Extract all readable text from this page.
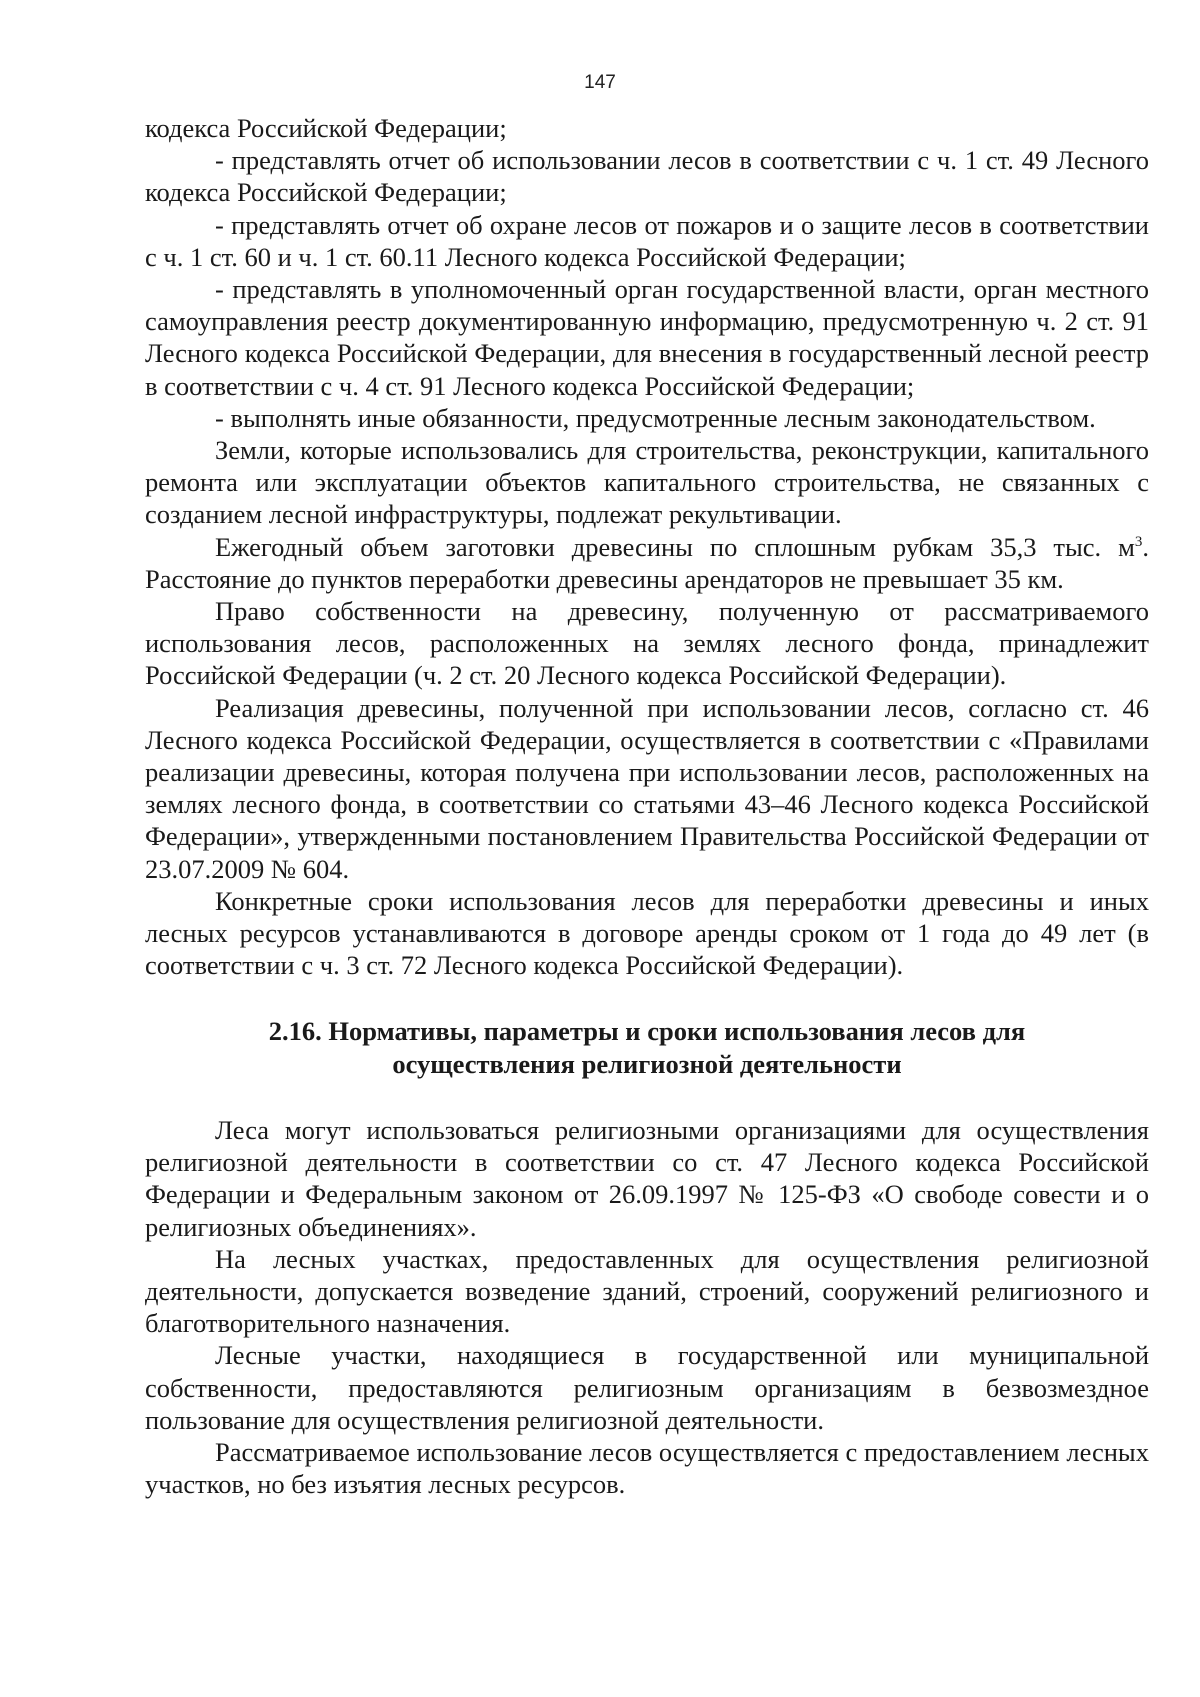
147

кодекса Российской Федерации;

- представлять отчет об использовании лесов в соответствии с ч. 1 ст. 49 Лесного кодекса Российской Федерации;

- представлять отчет об охране лесов от пожаров и о защите лесов в соответствии с ч. 1 ст. 60 и ч. 1 ст. 60.11 Лесного кодекса Российской Федерации;

- представлять в уполномоченный орган государственной власти, орган местного самоуправления реестр документированную информацию, предусмотренную ч. 2 ст. 91 Лесного кодекса Российской Федерации, для внесения в государственный лесной реестр в соответствии с ч. 4 ст. 91 Лесного кодекса Российской Федерации;

- выполнять иные обязанности, предусмотренные лесным законодательством.

Земли, которые использовались для строительства, реконструкции, капитального ремонта или эксплуатации объектов капитального строительства, не связанных с созданием лесной инфраструктуры, подлежат рекультивации.

Ежегодный объем заготовки древесины по сплошным рубкам 35,3 тыс. $м^3$. Расстояние до пунктов переработки древесины арендаторов не превышает 35 км.

Право собственности на древесину, полученную от рассматриваемого использования лесов, расположенных на землях лесного фонда, принадлежит Российской Федерации (ч. 2 ст. 20 Лесного кодекса Российской Федерации).

Реализация древесины, полученной при использовании лесов, согласно ст. 46 Лесного кодекса Российской Федерации, осуществляется в соответствии с «Правилами реализации древесины, которая получена при использовании лесов, расположенных на землях лесного фонда, в соответствии со статьями 43–46 Лесного кодекса Российской Федерации», утвержденными постановлением Правительства Российской Федерации от 23.07.2009 № 604.

Конкретные сроки использования лесов для переработки древесины и иных лесных ресурсов устанавливаются в договоре аренды сроком от 1 года до 49 лет (в соответствии с ч. 3 ст. 72 Лесного кодекса Российской Федерации).

2.16. Нормативы, параметры и сроки использования лесов для
осуществления религиозной деятельности

Леса могут использоваться религиозными организациями для осуществления религиозной деятельности в соответствии со ст. 47 Лесного кодекса Российской Федерации и Федеральным законом от 26.09.1997 № 125-ФЗ «О свободе совести и о религиозных объединениях».

На лесных участках, предоставленных для осуществления религиозной деятельности, допускается возведение зданий, строений, сооружений религиозного и благотворительного назначения.

Лесные участки, находящиеся в государственной или муниципальной собственности, предоставляются религиозным организациям в безвозмездное пользование для осуществления религиозной деятельности.

Рассматриваемое использование лесов осуществляется с предоставлением лесных участков, но без изъятия лесных ресурсов.
